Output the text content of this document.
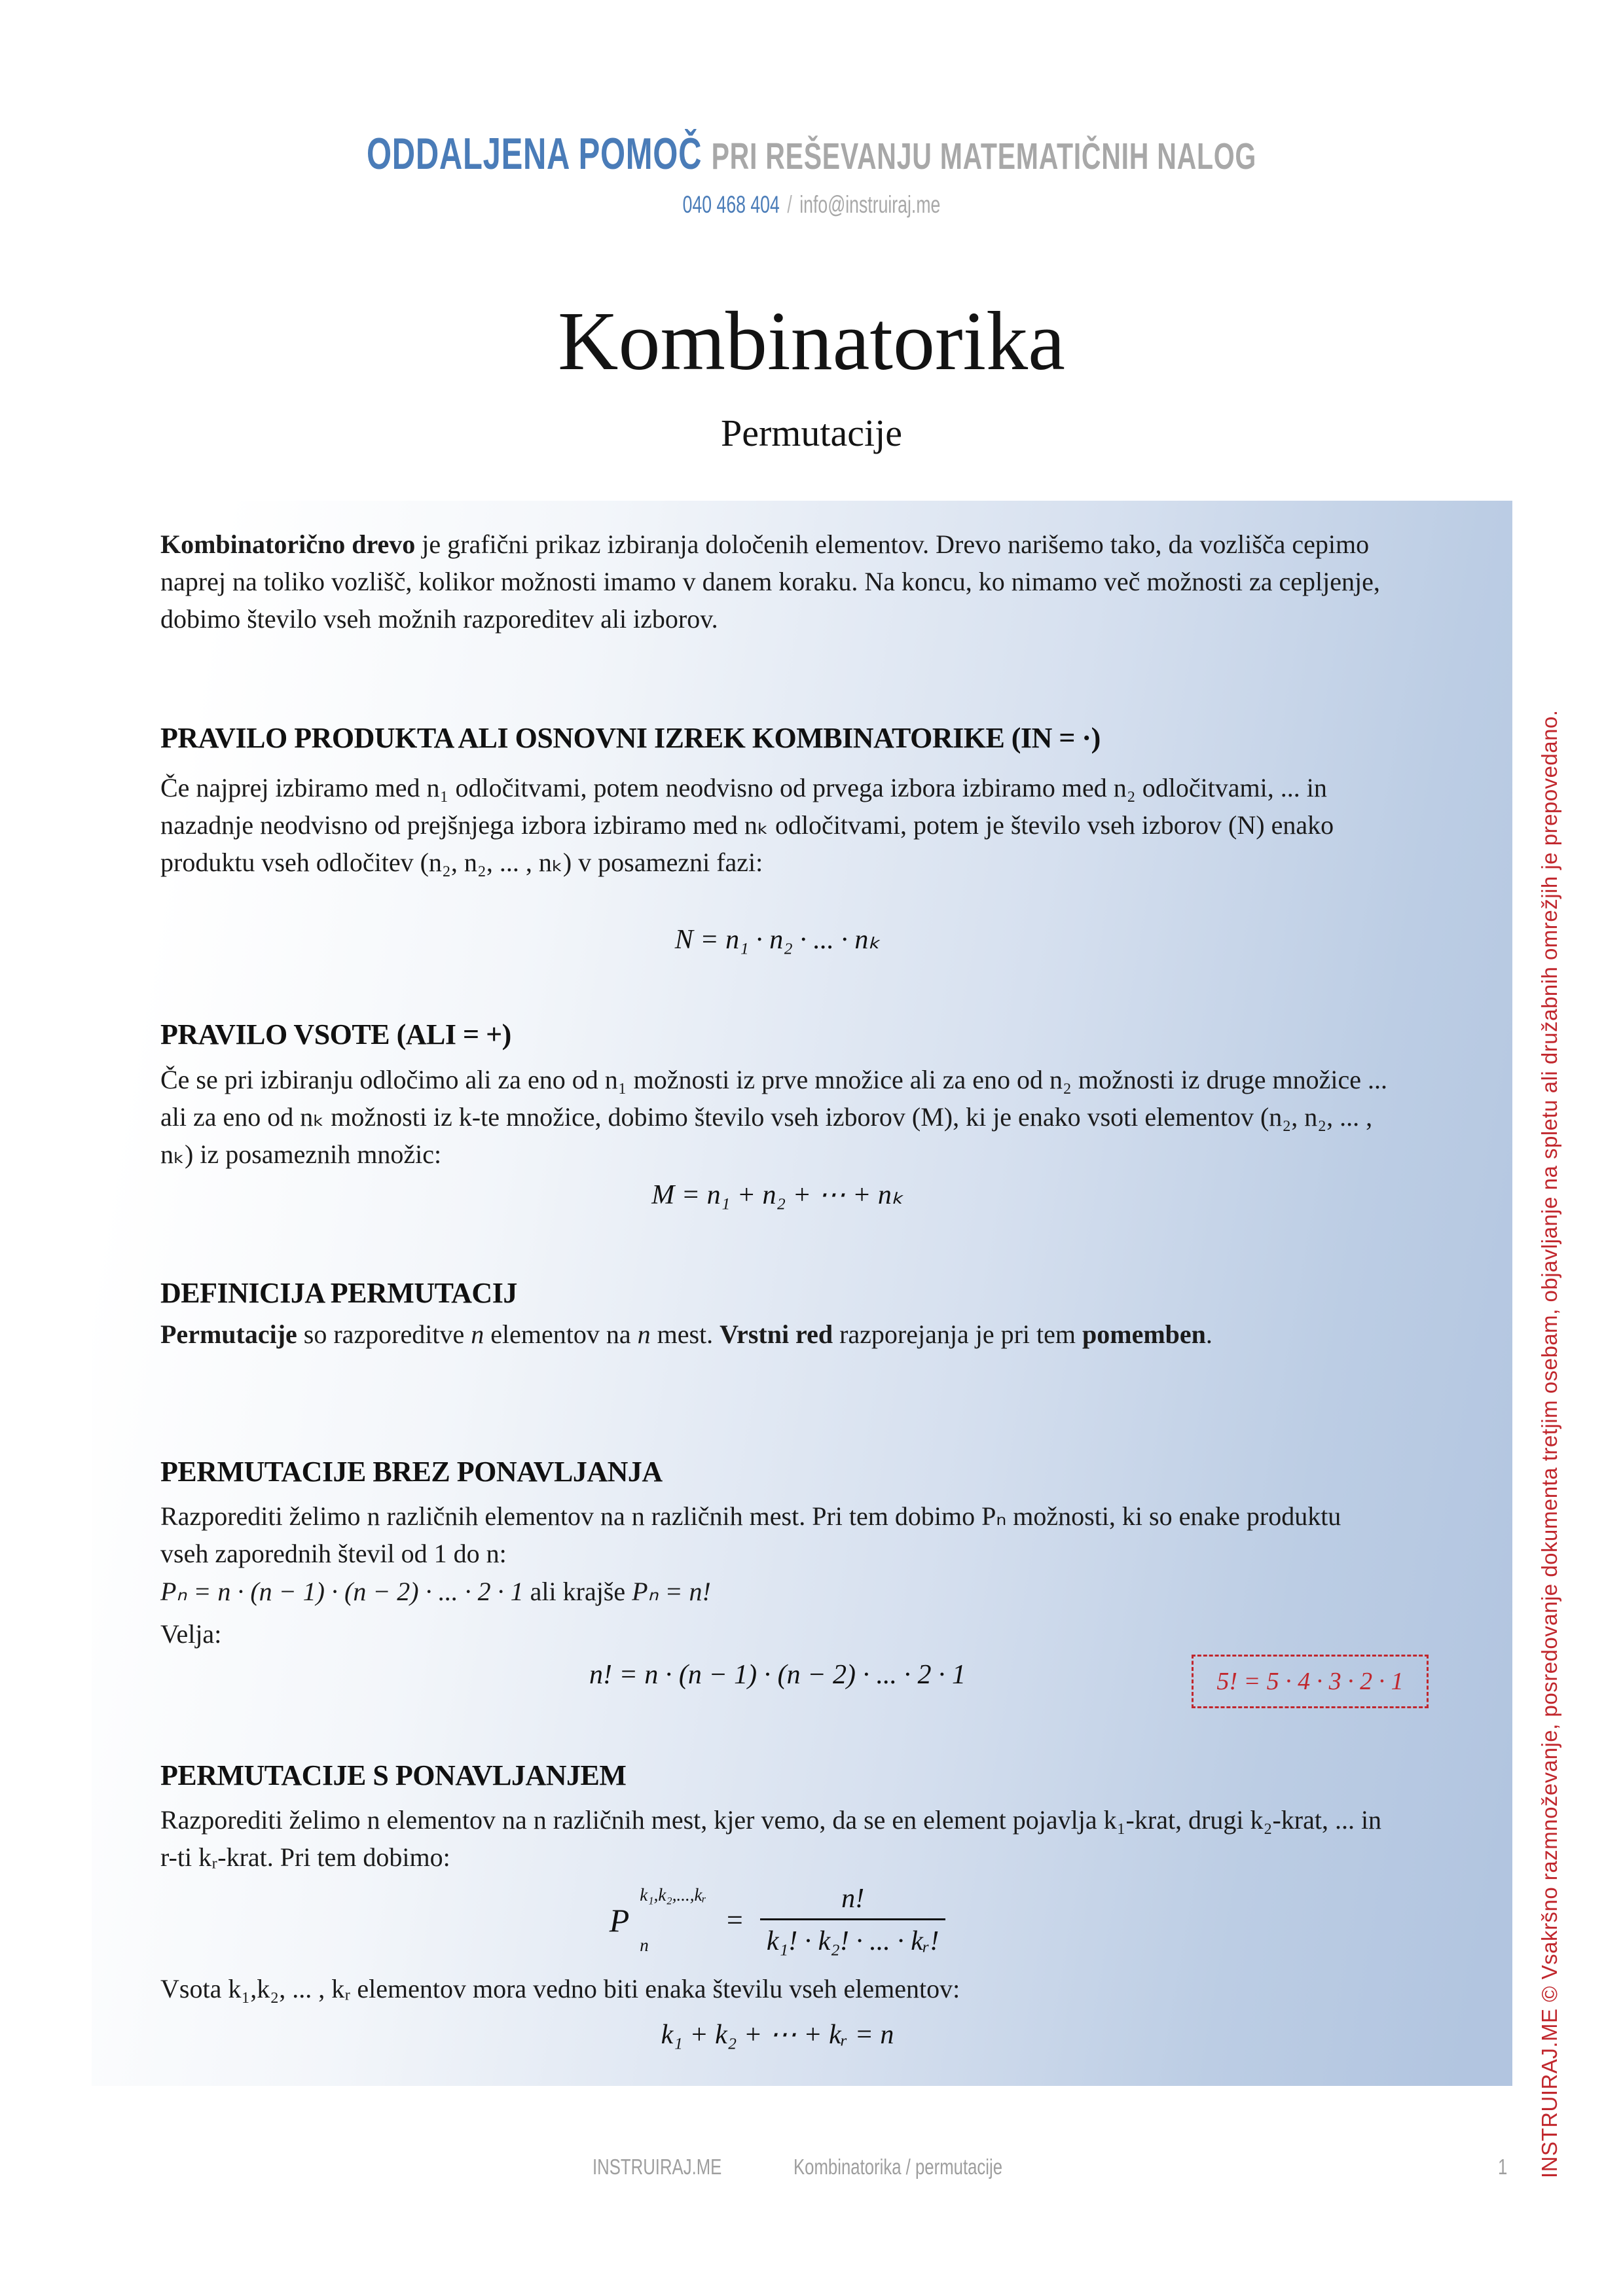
ODDALJENA POMOČ PRI REŠEVANJU MATEMATIČNIH NALOG
040 468 404 / info@instruiraj.me
Kombinatorika
Permutacije

Kombinatorično drevo je grafični prikaz izbiranja določenih elementov. Drevo narišemo tako, da vozlišča cepimo naprej na toliko vozlišč, kolikor možnosti imamo v danem koraku. Na koncu, ko nimamo več možnosti za cepljenje, dobimo število vseh možnih razporeditev ali izborov.

PRAVILO PRODUKTA ALI OSNOVNI IZREK KOMBINATORIKE (IN = ·)

Če najprej izbiramo med n₁ odločitvami, potem neodvisno od prvega izbora izbiramo med n₂ odločitvami, ... in nazadnje neodvisno od prejšnjega izbora izbiramo med nₖ odločitvami, potem je število vseh izborov (N) enako produktu vseh odločitev (n₂, n₂, ... , nₖ) v posamezni fazi:

N = n₁ · n₂ · ... · nₖ
PRAVILO VSOTE (ALI = +)

Če se pri izbiranju odločimo ali za eno od n₁ možnosti iz prve množice ali za eno od n₂ možnosti iz druge množice ... ali za eno od nₖ možnosti iz k-te množice, dobimo število vseh izborov (M), ki je enako vsoti elementov (n₂, n₂, ... , nₖ) iz posameznih množic:

M = n₁ + n₂ + ⋯ + nₖ
DEFINICIJA PERMUTACIJ

Permutacije so razporeditve n elementov na n mest. Vrstni red razporejanja je pri tem pomemben.

PERMUTACIJE BREZ PONAVLJANJA

Razporediti želimo n različnih elementov na n različnih mest. Pri tem dobimo Pₙ možnosti, ki so enake produktu vseh zaporednih števil od 1 do n:

Pₙ = n · (n − 1) · (n − 2) · ... · 2 · 1 ali krajše Pₙ = n!

Velja:

n! = n · (n − 1) · (n − 2) · ... · 2 · 1	5! = 5 · 4 · 3 · 2 · 1
PERMUTACIJE S PONAVLJANJEM

Razporediti želimo n elementov na n različnih mest, kjer vemo, da se en element pojavlja k₁-krat, drugi k₂-krat, ... in r-ti kᵣ-krat. Pri tem dobimo:

P
k₁,k₂,...,kᵣ
n
= $\frac{n!}{\text{k₁! · k₂! · ... · kᵣ!}}$

Vsota k₁,k₂, ... , kᵣ elementov mora vedno biti enaka številu vseh elementov:

k₁ + k₂ + ⋯ + kᵣ = n	INSTRUIRAJ.ME © Vsakršno razmnoževanje, posredovanje dokumenta tretjim osebam, objavljanje na spletu ali družabnih omrežjih je prepovedano.
INSTRUIRAJ.ME	Kombinatorika / permutacije	1
